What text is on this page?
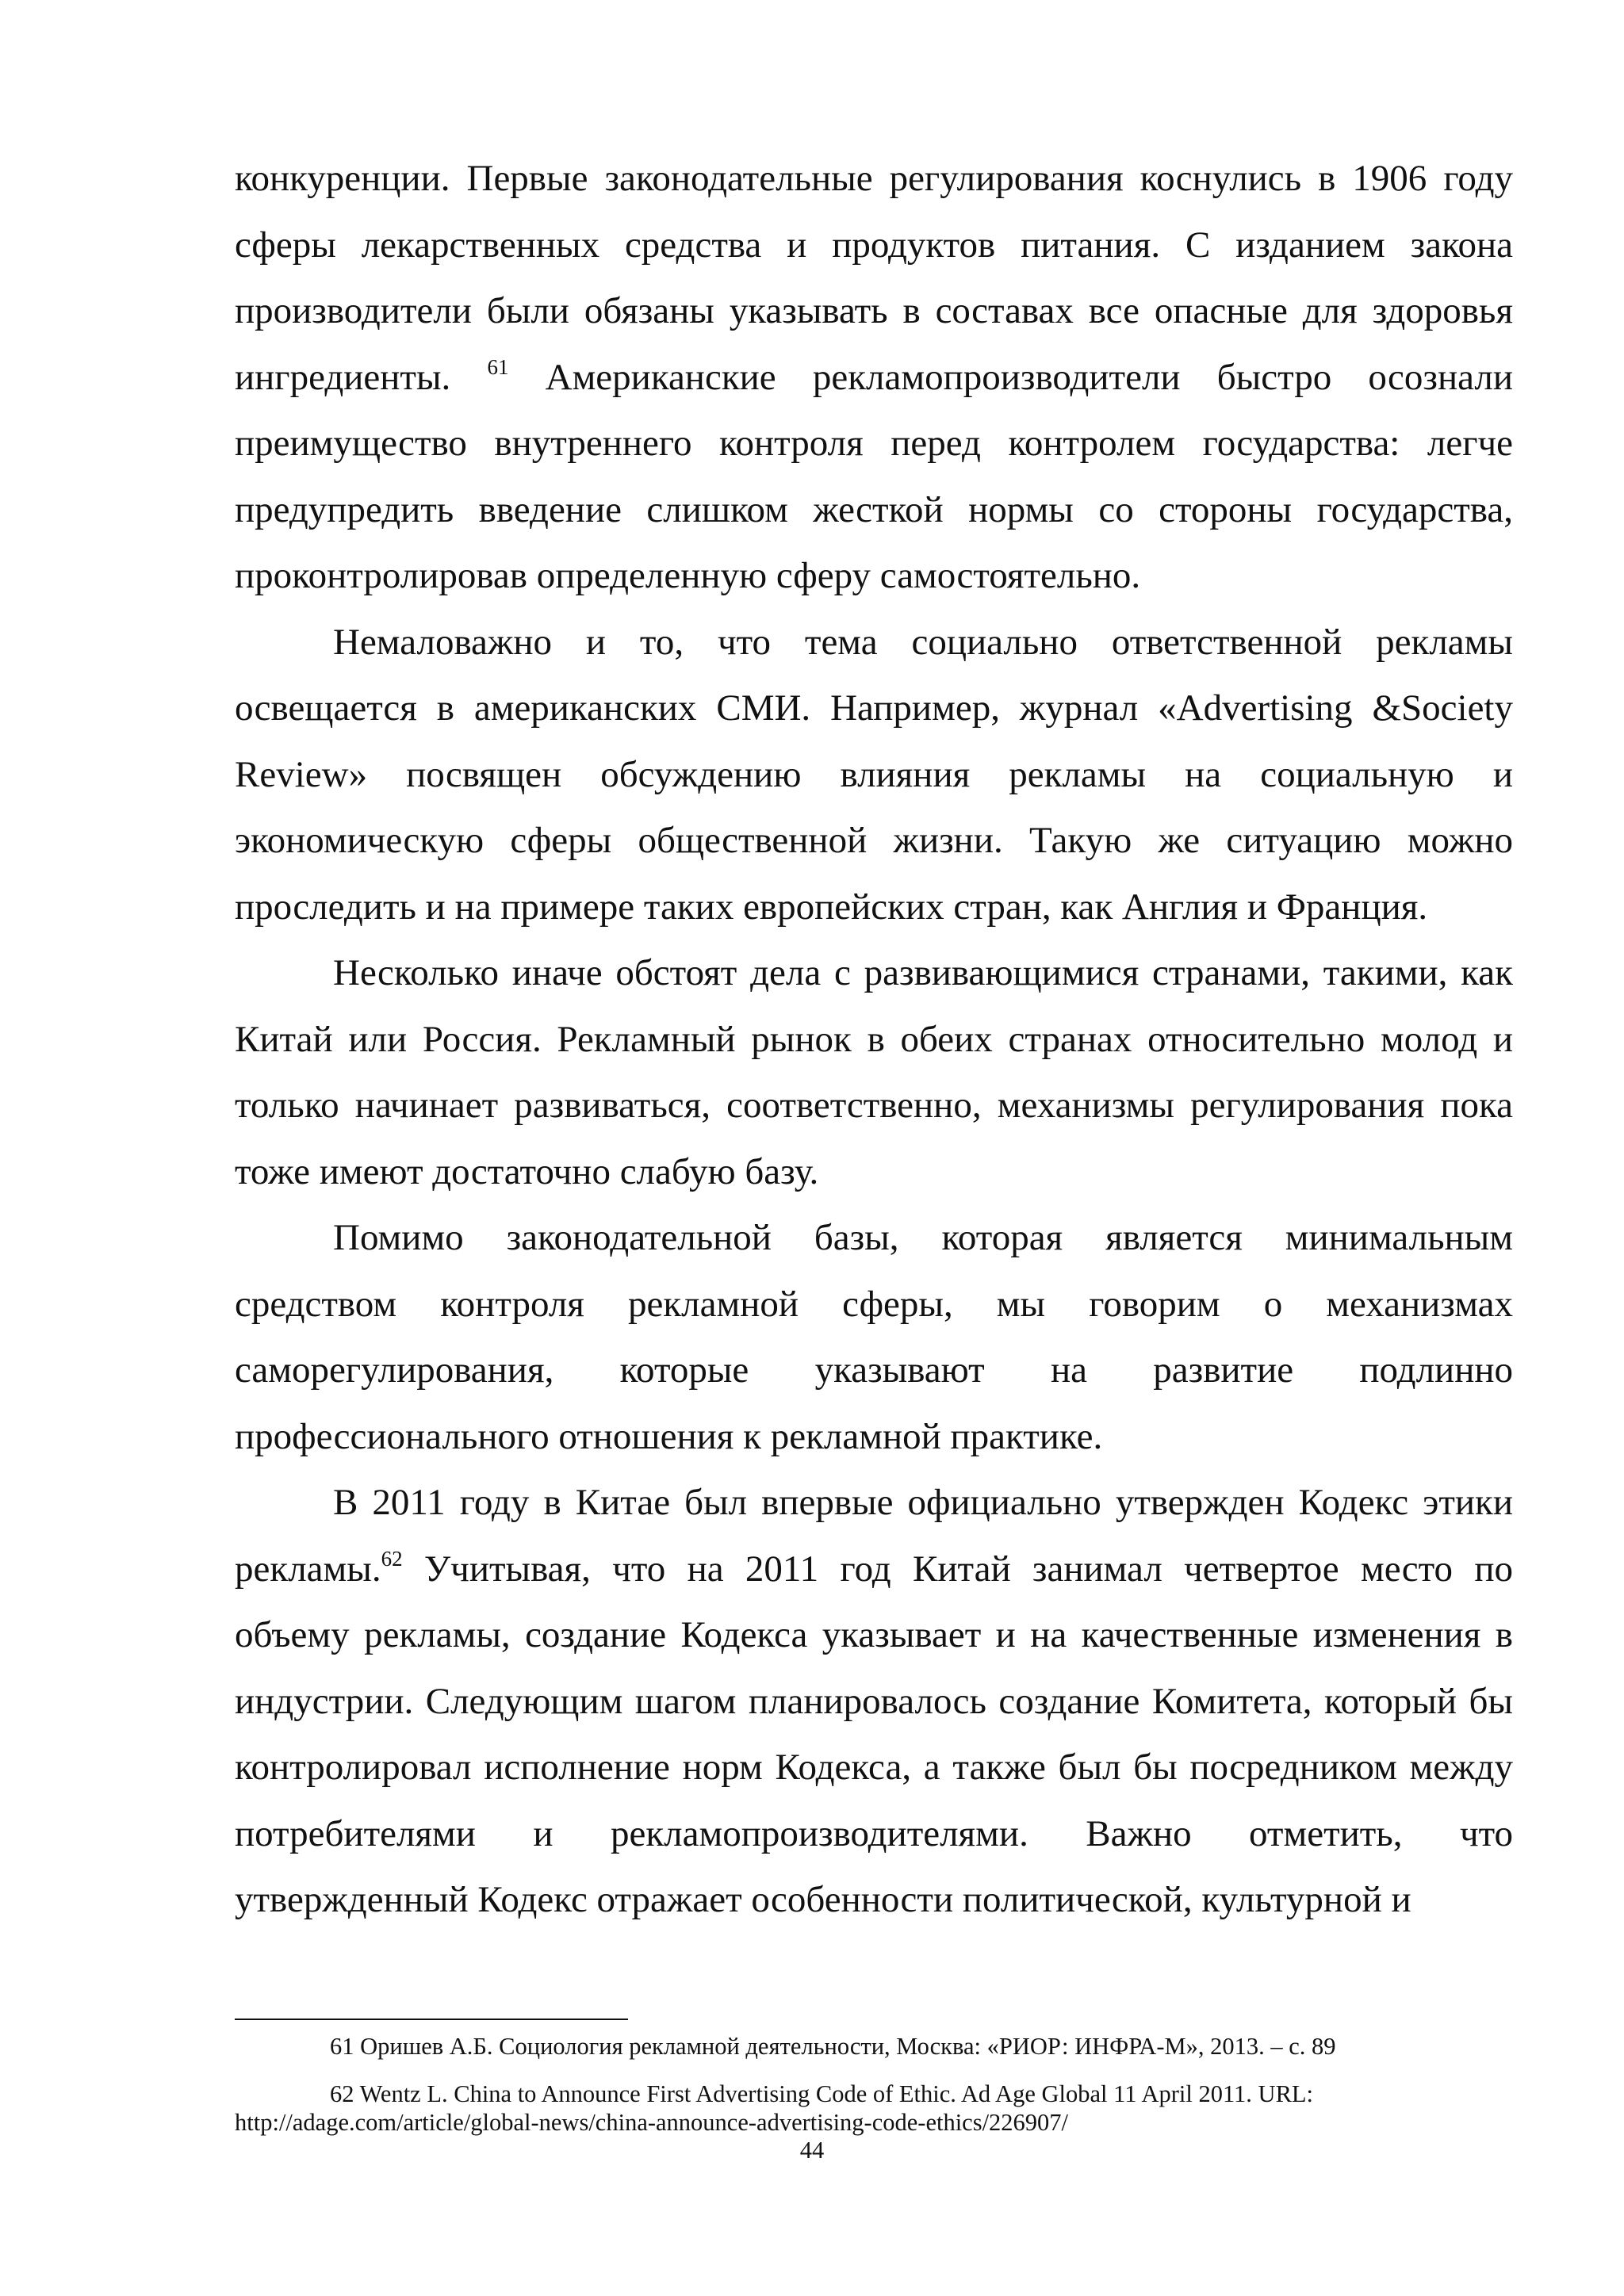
конкуренции. Первые законодательные регулирования коснулись в 1906 году сферы лекарственных средства и продуктов питания. С изданием закона производители были обязаны указывать в составах все опасные для здоровья ингредиенты. $^{61}$ Американские рекламопроизводители быстро осознали преимущество внутреннего контроля перед контролем государства: легче предупредить введение слишком жесткой нормы со стороны государства, проконтролировав определенную сферу самостоятельно.

Немаловажно и то, что тема социально ответственной рекламы освещается в американских СМИ. Например, журнал «Advertising &Society Review» посвящен обсуждению влияния рекламы на социальную и экономическую сферы общественной жизни. Такую же ситуацию можно проследить и на примере таких европейских стран, как Англия и Франция.

Несколько иначе обстоят дела с развивающимися странами, такими, как Китай или Россия. Рекламный рынок в обеих странах относительно молод и только начинает развиваться, соответственно, механизмы регулирования пока тоже имеют достаточно слабую базу.

Помимо законодательной базы, которая является минимальным средством контроля рекламной сферы, мы говорим о механизмах саморегулирования, которые указывают на развитие подлинно профессионального отношения к рекламной практике.

В 2011 году в Китае был впервые официально утвержден Кодекс этики рекламы.$^{62}$ Учитывая, что на 2011 год Китай занимал четвертое место по объему рекламы, создание Кодекса указывает и на качественные изменения в индустрии. Следующим шагом планировалось создание Комитета, который бы контролировал исполнение норм Кодекса, а также был бы посредником между потребителями и рекламопроизводителями. Важно отметить, что утвержденный Кодекс отражает особенности политической, культурной и

61 Оришев А.Б. Социология рекламной деятельности, Москва: «РИОР: ИНФРА-М», 2013. – с. 89

62 Wentz L. China to Announce First Advertising Code of Ethic. Ad Age Global 11 April 2011. URL: http://adage.com/article/global-news/china-announce-advertising-code-ethics/226907/

44
